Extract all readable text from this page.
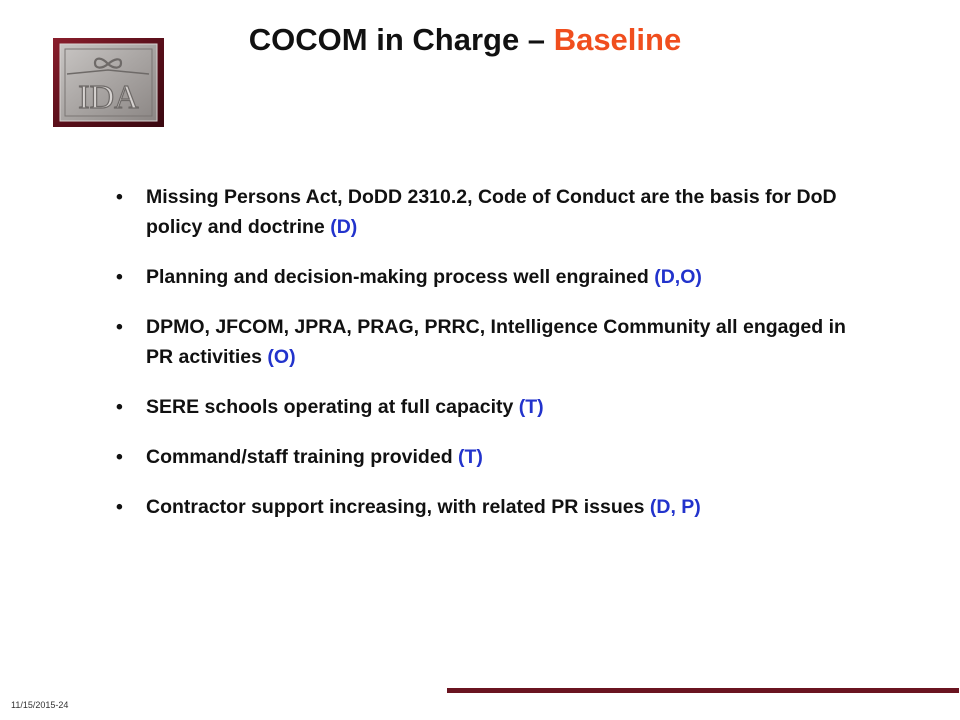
IDA
COCOM in Charge – Baseline
•	Missing Persons Act, DoDD 2310.2, Code of Conduct are the basis for DoD policy and doctrine (D)
•	Planning and decision-making process well engrained (D,O)
•	DPMO, JFCOM, JPRA, PRAG, PRRC, Intelligence Community all engaged in PR activities (O)
•	SERE schools operating at full capacity (T)
•	Command/staff training provided (T)
•	Contractor support increasing, with related PR issues (D, P)
11/15/2015-24
